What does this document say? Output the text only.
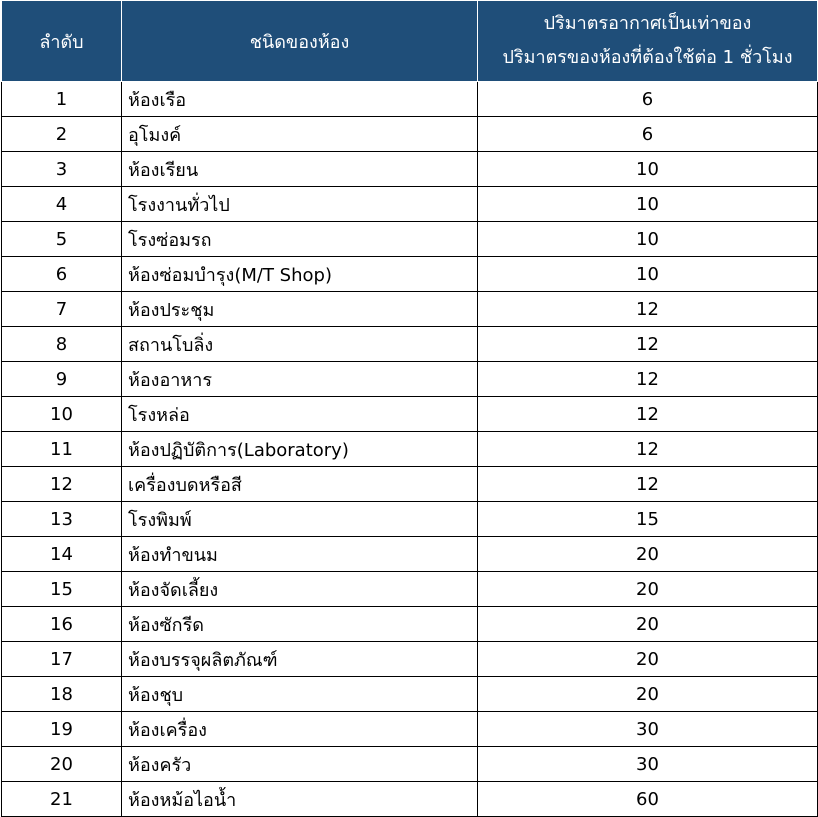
ลำดับ	ชนิดของห้อง	ปริมาตรอากาศเป็นเท่าของ
ปริมาตรของห้องที่ต้องใช้ต่อ 1 ชั่วโมง

1	ห้องเรือ	6
2	อุโมงค์	6
3	ห้องเรียน	10
4	โรงงานทั่วไป	10
5	โรงซ่อมรถ	10
6	ห้องซ่อมบำรุง(M/T Shop)	10
7	ห้องประชุม	12
8	สถานโบลิ่ง	12
9	ห้องอาหาร	12
10	โรงหล่อ	12
11	ห้องปฏิบัติการ(Laboratory)	12
12	เครื่องบดหรือสี	12
13	โรงพิมพ์	15
14	ห้องทำขนม	20
15	ห้องจัดเลี้ยง	20
16	ห้องซักรีด	20
17	ห้องบรรจุผลิตภัณฑ์	20
18	ห้องชุบ	20
19	ห้องเครื่อง	30
20	ห้องครัว	30
21	ห้องหม้อไอน้ำ	60
